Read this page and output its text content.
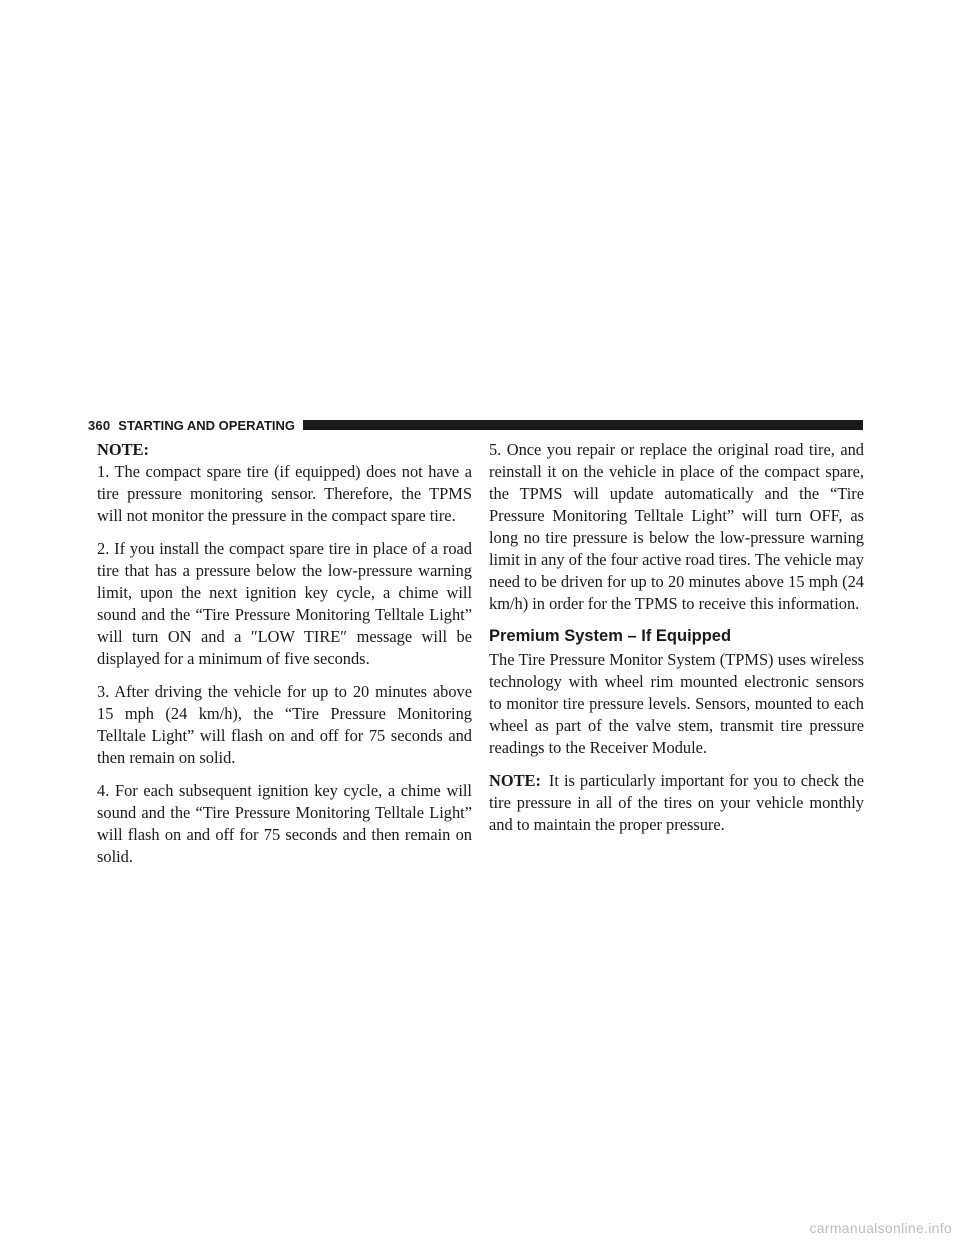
360 STARTING AND OPERATING
NOTE:

1. The compact spare tire (if equipped) does not have a tire pressure monitoring sensor. Therefore, the TPMS will not monitor the pressure in the compact spare tire.

2. If you install the compact spare tire in place of a road tire that has a pressure below the low-pressure warning limit, upon the next ignition key cycle, a chime will sound and the “Tire Pressure Monitoring Telltale Light” will turn ON and a ″LOW TIRE″ message will be displayed for a minimum of five seconds.

3. After driving the vehicle for up to 20 minutes above 15 mph (24 km/h), the “Tire Pressure Monitoring Telltale Light” will flash on and off for 75 seconds and then remain on solid.

4. For each subsequent ignition key cycle, a chime will sound and the “Tire Pressure Monitoring Telltale Light” will flash on and off for 75 seconds and then remain on solid.

5. Once you repair or replace the original road tire, and reinstall it on the vehicle in place of the compact spare, the TPMS will update automatically and the “Tire Pressure Monitoring Telltale Light” will turn OFF, as long no tire pressure is below the low-pressure warning limit in any of the four active road tires. The vehicle may need to be driven for up to 20 minutes above 15 mph (24 km/h) in order for the TPMS to receive this information.

Premium System – If Equipped

The Tire Pressure Monitor System (TPMS) uses wireless technology with wheel rim mounted electronic sensors to monitor tire pressure levels. Sensors, mounted to each wheel as part of the valve stem, transmit tire pressure readings to the Receiver Module.

NOTE: It is particularly important for you to check the tire pressure in all of the tires on your vehicle monthly and to maintain the proper pressure.

carmanualsonline.info
